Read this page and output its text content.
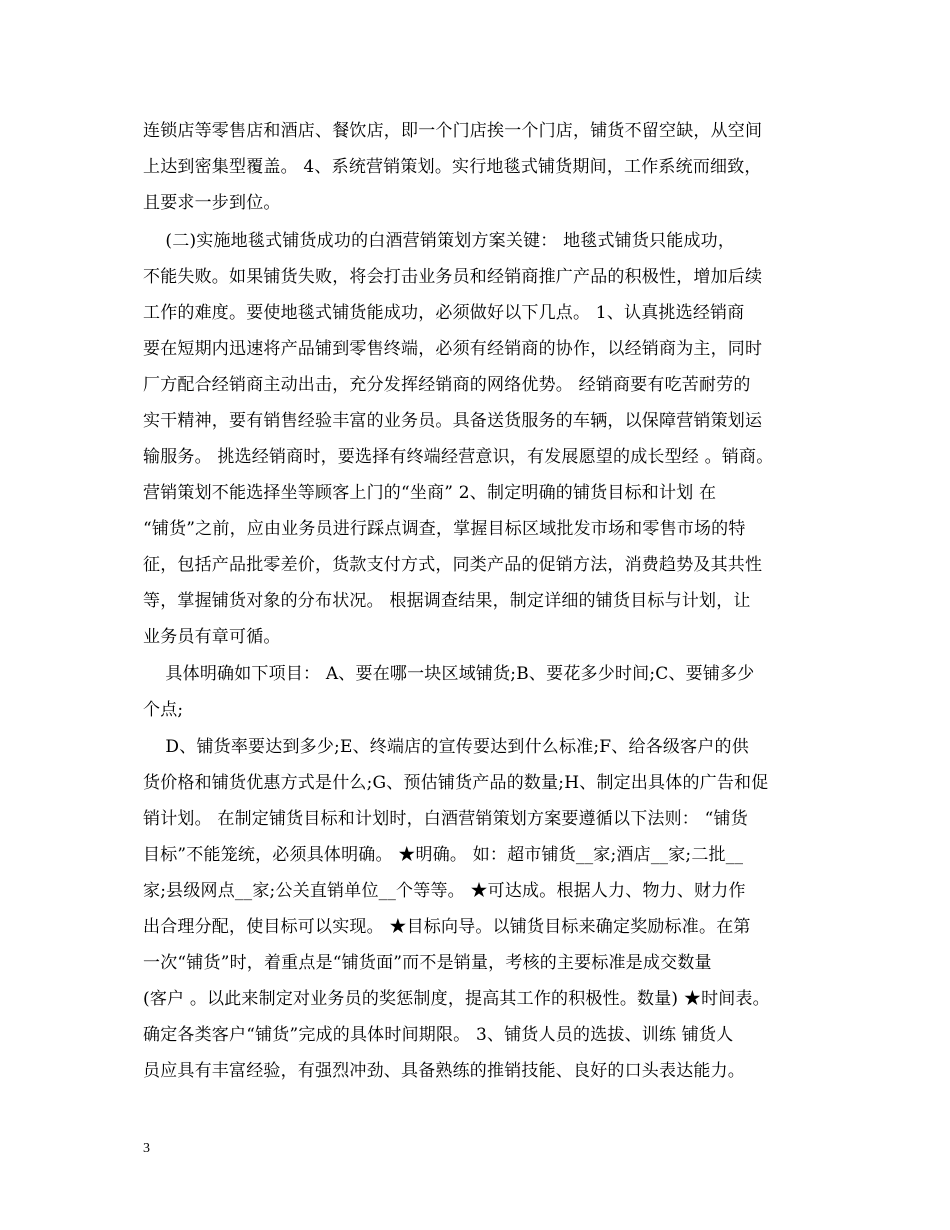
连锁店等零售店和酒店、餐饮店，即一个门店挨一个门店，铺货不留空缺，从空间
上达到密集型覆盖。 4、系统营销策划。实行地毯式铺货期间，工作系统而细致，
且要求一步到位。
(二)实施地毯式铺货成功的白酒营销策划方案关键： 地毯式铺货只能成功，
不能失败。如果铺货失败，将会打击业务员和经销商推广产品的积极性，增加后续
工作的难度。要使地毯式铺货能成功，必须做好以下几点。 1、认真挑选经销商
要在短期内迅速将产品铺到零售终端，必须有经销商的协作，以经销商为主，同时
厂方配合经销商主动出击，充分发挥经销商的网络优势。 经销商要有吃苦耐劳的
实干精神，要有销售经验丰富的业务员。具备送货服务的车辆，以保障营销策划运
输服务。 挑选经销商时，要选择有终端经营意识，有发展愿望的成长型经 。销商。
营销策划不能选择坐等顾客上门的“坐商” 2、制定明确的铺货目标和计划 在
“铺货”之前，应由业务员进行踩点调查，掌握目标区域批发市场和零售市场的特
征，包括产品批零差价，货款支付方式，同类产品的促销方法，消费趋势及其共性
等，掌握铺货对象的分布状况。 根据调查结果，制定详细的铺货目标与计划，让
业务员有章可循。
具体明确如下项目： A、要在哪一块区域铺货;B、要花多少时间;C、要铺多少
个点;
D、铺货率要达到多少;E、终端店的宣传要达到什么标准;F、给各级客户的供
货价格和铺货优惠方式是什么;G、预估铺货产品的数量;H、制定出具体的广告和促
销计划。 在制定铺货目标和计划时，白酒营销策划方案要遵循以下法则： “铺货
目标”不能笼统，必须具体明确。 ★明确。 如：超市铺货__家;酒店__家;二批__
家;县级网点__家;公关直销单位__个等等。 ★可达成。根据人力、物力、财力作
出合理分配，使目标可以实现。 ★目标向导。以铺货目标来确定奖励标准。在第
一次“铺货”时，着重点是“铺货面”而不是销量，考核的主要标准是成交数量
(客户 。以此来制定对业务员的奖惩制度，提高其工作的积极性。数量) ★时间表。
确定各类客户“铺货”完成的具体时间期限。 3、铺货人员的选拔、训练 铺货人
员应具有丰富经验，有强烈冲劲、具备熟练的推销技能、良好的口头表达能力。
3
